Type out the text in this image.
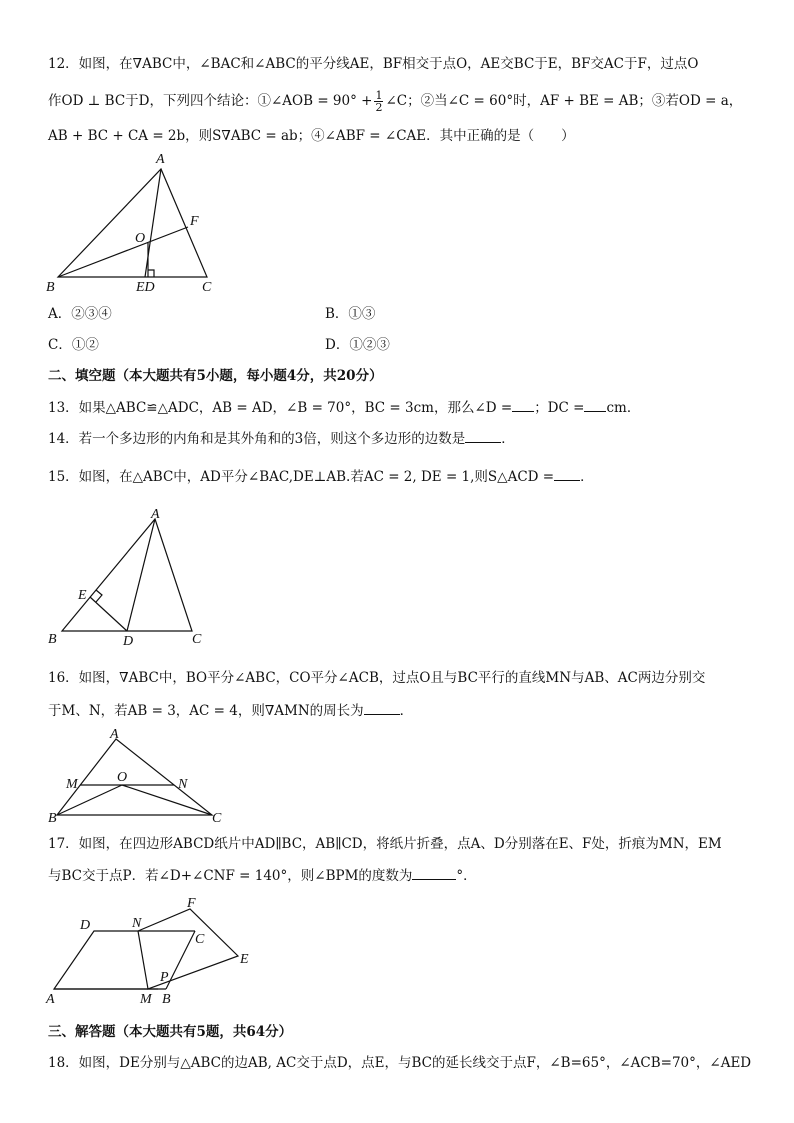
12．如图，在∇ABC中，∠BAC和∠ABC的平分线AE，BF相交于点O，AE交BC于E，BF交AC于F，过点O
作OD ⊥ BC于D，下列四个结论：①∠AOB = $90^\circ + \frac{1}{2}$ ∠C；②当∠C = 60°时，AF + BE = AB；③若OD = a，
AB + BC + CA = 2b，则S∇ABC = ab；④∠ABF = ∠CAE．其中正确的是（　　）
A
B	C
F
O
ED
A．②③④	B．①③
C．①②	D．①②③
二、填空题（本大题共有5小题，每小题4分，共20分）
13．如果△ABC≌△ADC，AB = AD，∠B = 70°，BC = 3cm，那么∠D = ；DC = cm．
14．若一个多边形的内角和是其外角和的3倍，则这个多边形的边数是	．
15．如图，在△ABC中，AD平分∠BAC,DE⊥AB.若AC = 2, DE = 1,则S△ACD = ．
A
B	C
D
E
16．如图，∇ABC中，BO平分∠ABC，CO平分∠ACB，过点O且与BC平行的直线MN与AB、AC两边分别交
于M、N，若AB = 3，AC = 4，则∇AMN的周长为	．
A
B	C
M	N
O
17．如图，在四边形ABCD纸片中AD∥BC，AB∥CD，将纸片折叠，点A、D分别落在E、F处，折痕为MN，EM
与BC交于点P．若∠D+∠CNF = 140°，则∠BPM的度数为	°．
A	B
C
D
E
F
M
N
P
三、解答题（本大题共有5题，共64分）
18．如图，DE分别与△ABC的边AB, AC交于点D，点E，与BC的延长线交于点F，∠B=65°，∠ACB=70°，∠AED
